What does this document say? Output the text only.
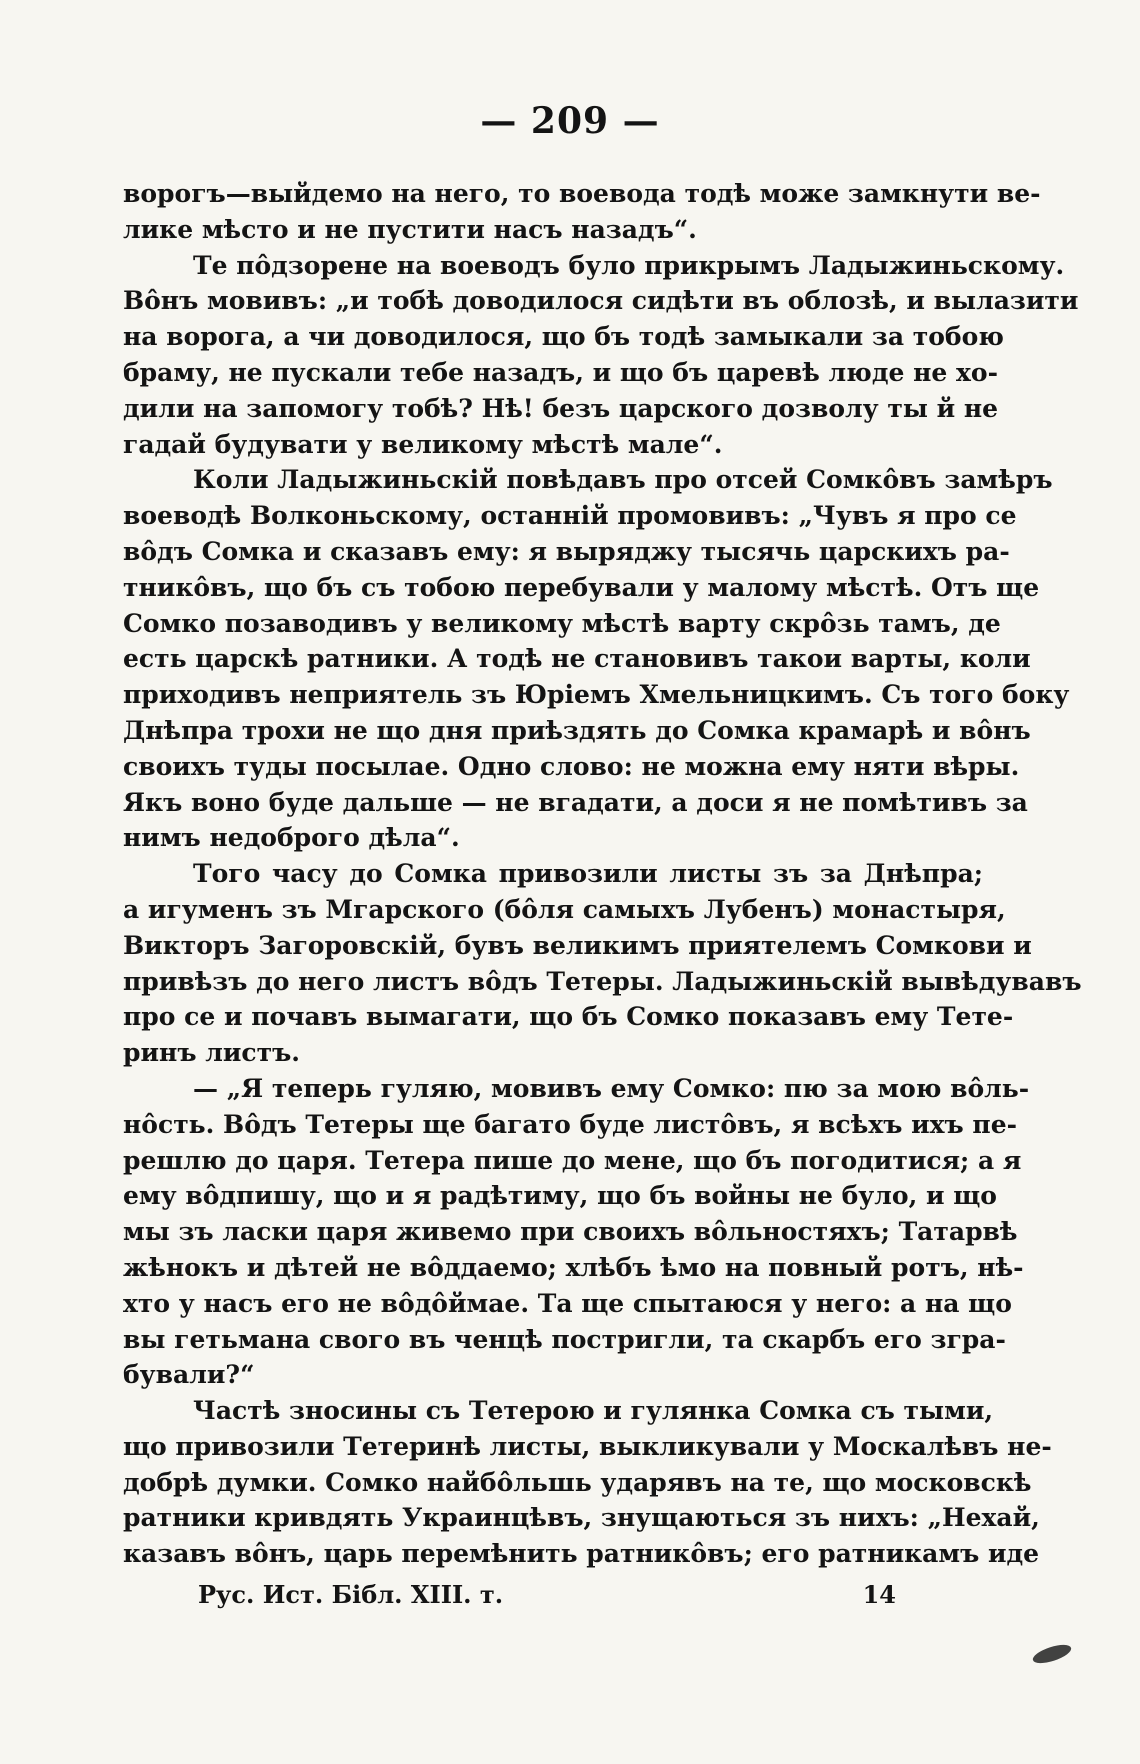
— 209 —
ворогъ—выйдемо на него, то воевода тодѣ може замкнути ве-
лике мѣсто и не пустити насъ назадъ“.
Те пôдзорене на воеводъ було прикрымъ Ладыжиньскому.
Вôнъ мовивъ: „и тобѣ доводилося сидѣти въ облозѣ, и вылазити
на ворога, а чи доводилося, що бъ тодѣ замыкали за тобою
браму, не пускали тебе назадъ, и що бъ царевѣ люде не хо-
дили на запомогу тобѣ? Нѣ! безъ царского дозволу ты й не
гадай будувати у великому мѣстѣ мале“.
Коли Ладыжиньскій повѣдавъ про отсей Сомкôвъ замѣръ
воеводѣ Волконьскому, останній промовивъ: „Чувъ я про се
вôдъ Сомка и сказавъ ему: я выряджу тысячь царскихъ ра-
тникôвъ, що бъ съ тобою перебували у малому мѣстѣ. Отъ ще
Сомко позаводивъ у великому мѣстѣ варту скрôзь тамъ, де
есть царскѣ ратники. А тодѣ не становивъ такои варты, коли
приходивъ неприятель зъ Юріемъ Хмельницкимъ. Съ того боку
Днѣпра трохи не що дня приѣздять до Сомка крамарѣ и вôнъ
своихъ туды посылае. Одно слово: не можна ему няти вѣры.
Якъ воно буде дальше — не вгадати, а доси я не помѣтивъ за
нимъ недоброго дѣла“.
Того часу до Сомка привозили листы зъ за Днѣпра;
а игуменъ зъ Мгарского (бôля самыхъ Лубенъ) монастыря,
Викторъ Загоровскій, бувъ великимъ приятелемъ Сомкови и
привѣзъ до него листъ вôдъ Тетеры. Ладыжиньскій вывѣдувавъ
про се и почавъ вымагати, що бъ Сомко показавъ ему Тете-
ринъ листъ.
— „Я теперь гуляю, мовивъ ему Сомко: пю за мою вôль-
нôсть. Вôдъ Тетеры ще багато буде листôвъ, я всѣхъ ихъ пе-
решлю до царя. Тетера пише до мене, що бъ погодитися; а я
ему вôдпишу, що и я радѣтиму, що бъ войны не було, и що
мы зъ ласки царя живемо при своихъ вôльностяхъ; Татарвѣ
жѣнокъ и дѣтей не вôддаемо; хлѣбъ ѣмо на повный ротъ, нѣ-
хто у насъ его не вôдôймае. Та ще спытаюся у него: а на що
вы гетьмана свого въ ченцѣ постригли, та скарбъ его згра-
бували?“
Частѣ зносины съ Тетерою и гулянка Сомка съ тыми,
що привозили Тетеринѣ листы, выкликували у Москалѣвъ не-
добрѣ думки. Сомко найбôльшь ударявъ на те, що московскѣ
ратники кривдять Украинцѣвъ, знущаються зъ нихъ: „Нехай,
казавъ вôнъ, царь перемѣнить ратникôвъ; его ратникамъ иде
Рус. Ист. Бібл. XIII. т.	14
